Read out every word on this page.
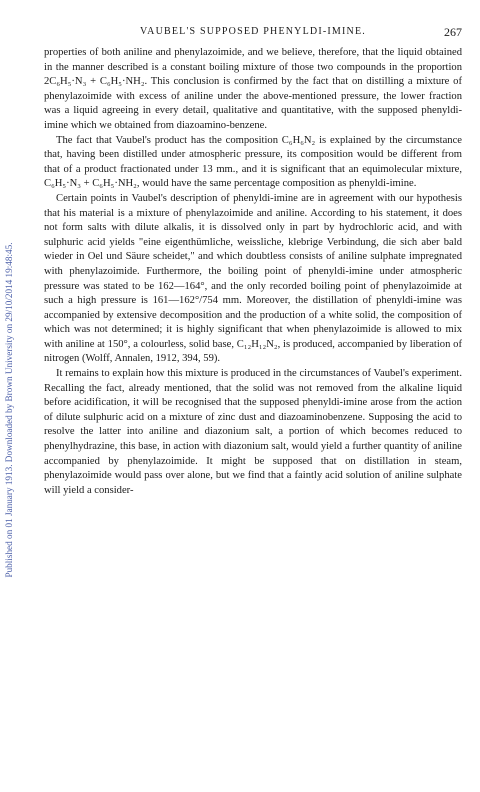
Published on 01 January 1913. Downloaded by Brown University on 29/10/2014 19:48:45.
VAUBEL'S SUPPOSED PHENYLDI-IMINE.	267

properties of both aniline and phenylazoimide, and we believe, therefore, that the liquid obtained in the manner described is a constant boiling mixture of those two compounds in the proportion 2C₆H₅·N₃ + C₆H₅·NH₂. This conclusion is confirmed by the fact that on distilling a mixture of phenylazoimide with excess of aniline under the above-mentioned pressure, the lower fraction was a liquid agreeing in every detail, qualitative and quantitative, with the supposed phenyldi-imine which we obtained from diazoamino-benzene.

The fact that Vaubel's product has the composition C₆H₆N₂ is explained by the circumstance that, having been distilled under atmospheric pressure, its composition would be different from that of a product fractionated under 13 mm., and it is significant that an equimolecular mixture, C₆H₅·N₃ + C₆H₅·NH₂, would have the same percentage composition as phenyldi-imine.

Certain points in Vaubel's description of phenyldi-imine are in agreement with our hypothesis that his material is a mixture of phenylazoimide and aniline. According to his statement, it does not form salts with dilute alkalis, it is dissolved only in part by hydrochloric acid, and with sulphuric acid yields "eine eigenthümliche, weissliche, klebrige Verbindung, die sich aber bald wieder in Oel und Säure scheidet," and which doubtless consists of aniline sulphate impregnated with phenylazoimide. Furthermore, the boiling point of phenyldi-imine under atmospheric pressure was stated to be 162—164°, and the only recorded boiling point of phenylazoimide at such a high pressure is 161—162°/754 mm. Moreover, the distillation of phenyldi-imine was accompanied by extensive decomposition and the production of a white solid, the composition of which was not determined; it is highly significant that when phenylazoimide is allowed to mix with aniline at 150°, a colourless, solid base, C₁₂H₁₂N₂, is produced, accompanied by liberation of nitrogen (Wolff, Annalen, 1912, 394, 59).

It remains to explain how this mixture is produced in the circumstances of Vaubel's experiment. Recalling the fact, already mentioned, that the solid was not removed from the alkaline liquid before acidification, it will be recognised that the supposed phenyldi-imine arose from the action of dilute sulphuric acid on a mixture of zinc dust and diazoaminobenzene. Supposing the acid to resolve the latter into aniline and diazonium salt, a portion of which becomes reduced to phenylhydrazine, this base, in action with diazonium salt, would yield a further quantity of aniline accompanied by phenylazoimide. It might be supposed that on distillation in steam, phenylazoimide would pass over alone, but we find that a faintly acid solution of aniline sulphate will yield a consider-
